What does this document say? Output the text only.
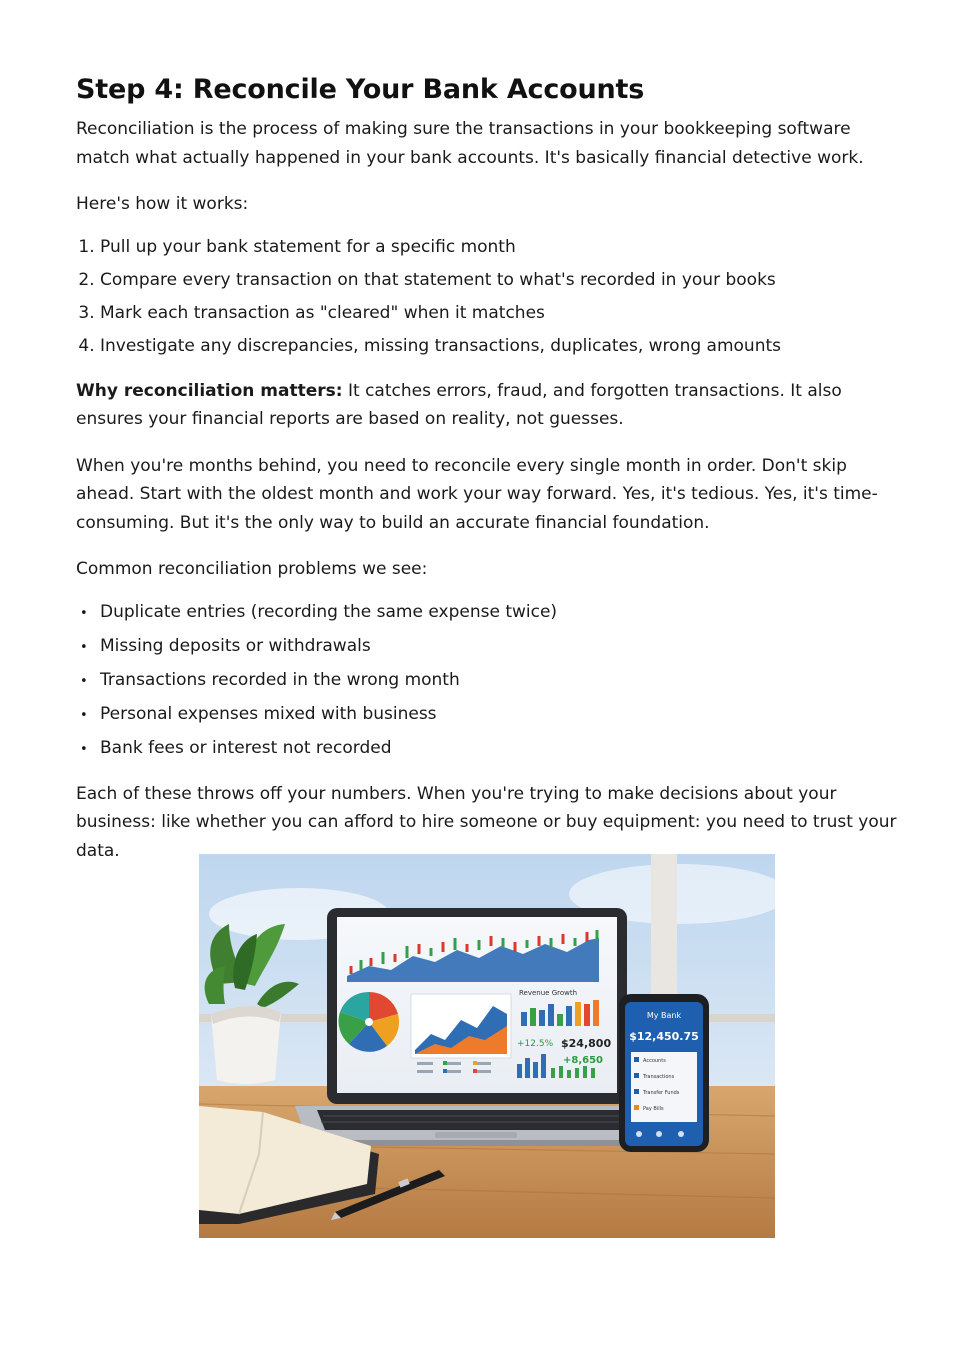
Step 4: Reconcile Your Bank Accounts

Reconciliation is the process of making sure the transactions in your bookkeeping software match what actually happened in your bank accounts. It's basically financial detective work.

Here's how it works:

1. Pull up your bank statement for a specific month
2. Compare every transaction on that statement to what's recorded in your books
3. Mark each transaction as "cleared" when it matches
4. Investigate any discrepancies, missing transactions, duplicates, wrong amounts

Why reconciliation matters: It catches errors, fraud, and forgotten transactions. It also ensures your financial reports are based on reality, not guesses.

When you're months behind, you need to reconcile every single month in order. Don't skip ahead. Start with the oldest month and work your way forward. Yes, it's tedious. Yes, it's time-consuming. But it's the only way to build an accurate financial foundation.

Common reconciliation problems we see:

• Duplicate entries (recording the same expense twice)
• Missing deposits or withdrawals
• Transactions recorded in the wrong month
• Personal expenses mixed with business
• Bank fees or interest not recorded

Each of these throws off your numbers. When you're trying to make decisions about your business: like whether you can afford to hire someone or buy equipment: you need to trust your data.

Revenue Growth
+12.5% $24,800
+8,650
My Bank
$12,450.75
Accounts
Transactions
Transfer Funds
Pay Bills
